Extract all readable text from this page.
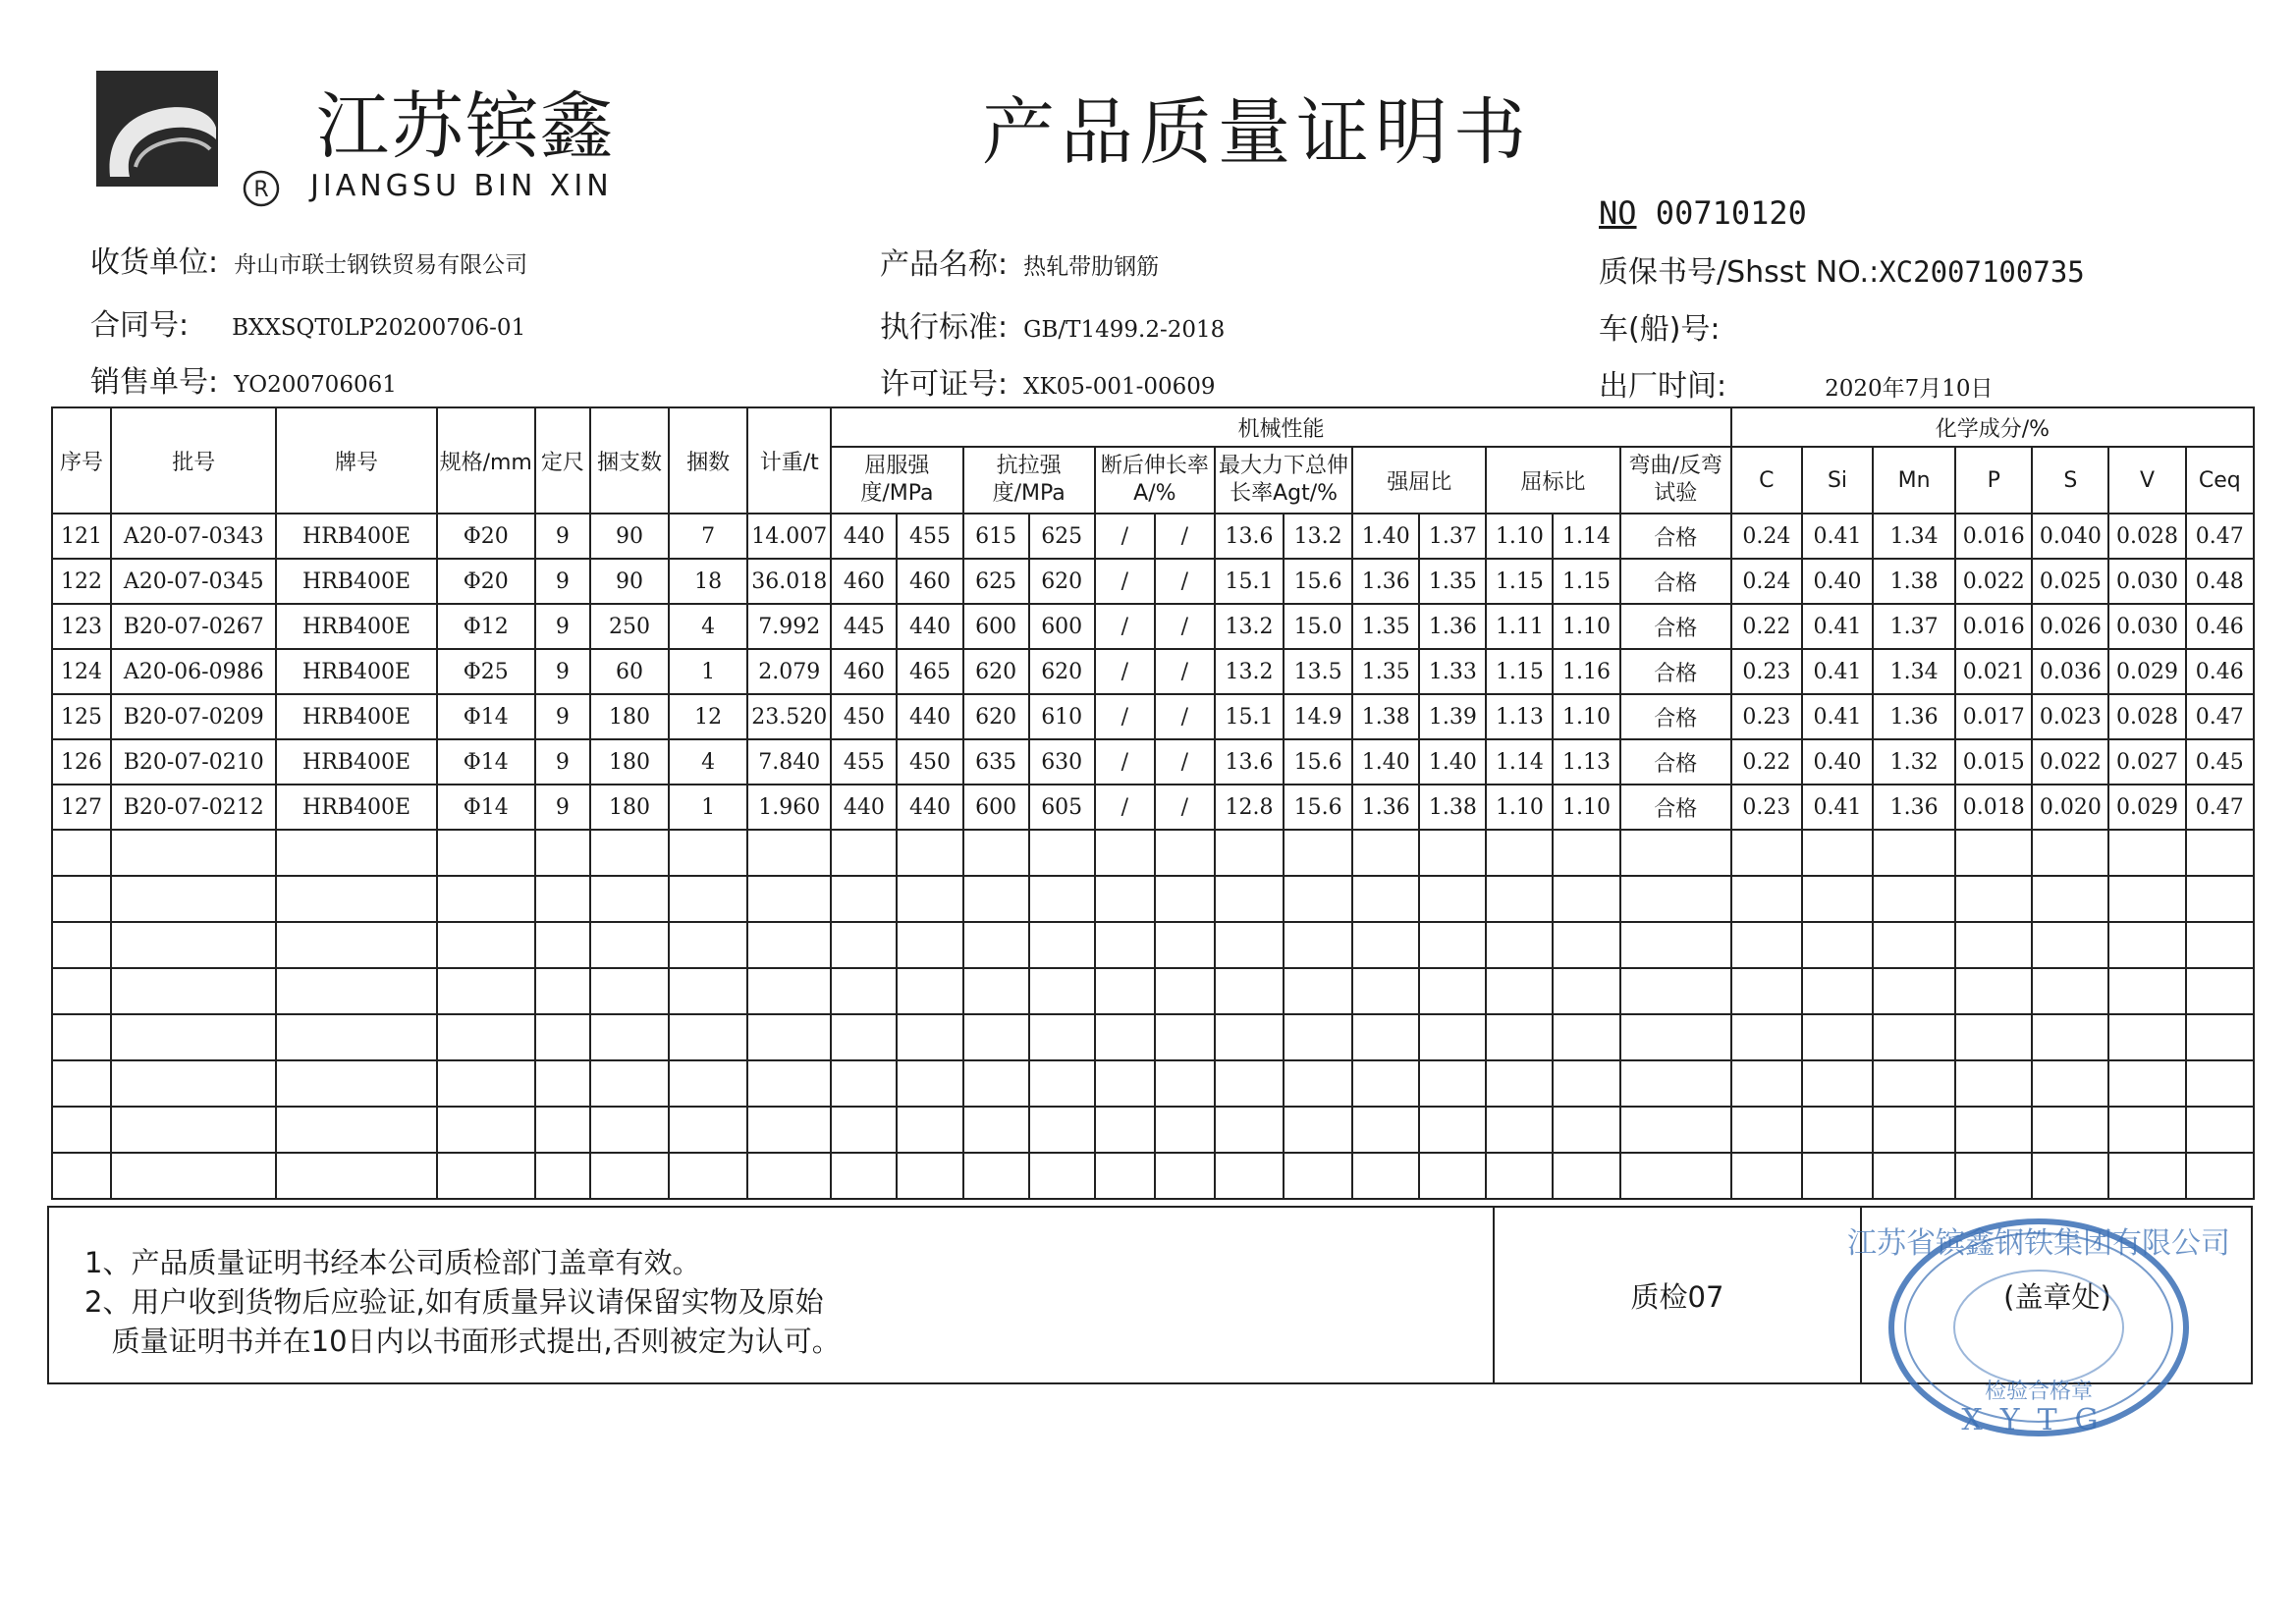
R
江苏镔鑫
JIANGSU BIN XIN
产品质量证明书
NO 00710120
收货单位: 舟山市联士钢铁贸易有限公司
合同号: BXXSQT0LP20200706-01
销售单号: YO200706061
产品名称: 热轧带肋钢筋
执行标准: GB/T1499.2-2018
许可证号: XK05-001-00609
质保书号/Shsst NO.:XC2007100735
车(船)号:
出厂时间:	2020年7月10日
序号	批号	牌号	规格/mm	定尺	捆支数	捆数	计重/t	机械性能													化学成分/%						
								屈服强度/MPa		抗拉强度/MPa		断后伸长率A/%		最大力下总伸长率Agt/%		强屈比		屈标比		弯曲/反弯试验	C	Si	Mn	P	S	V	Ceq
121	A20-07-0343	HRB400E	Φ20	9	90	7	14.007	440	455	615	625	/	/	13.6	13.2	1.40	1.37	1.10	1.14	合格	0.24	0.41	1.34	0.016	0.040	0.028	0.47
122	A20-07-0345	HRB400E	Φ20	9	90	18	36.018	460	460	625	620	/	/	15.1	15.6	1.36	1.35	1.15	1.15	合格	0.24	0.40	1.38	0.022	0.025	0.030	0.48
123	B20-07-0267	HRB400E	Φ12	9	250	4	7.992	445	440	600	600	/	/	13.2	15.0	1.35	1.36	1.11	1.10	合格	0.22	0.41	1.37	0.016	0.026	0.030	0.46
124	A20-06-0986	HRB400E	Φ25	9	60	1	2.079	460	465	620	620	/	/	13.2	13.5	1.35	1.33	1.15	1.16	合格	0.23	0.41	1.34	0.021	0.036	0.029	0.46
125	B20-07-0209	HRB400E	Φ14	9	180	12	23.520	450	440	620	610	/	/	15.1	14.9	1.38	1.39	1.13	1.10	合格	0.23	0.41	1.36	0.017	0.023	0.028	0.47
126	B20-07-0210	HRB400E	Φ14	9	180	4	7.840	455	450	635	630	/	/	13.6	15.6	1.40	1.40	1.14	1.13	合格	0.22	0.40	1.32	0.015	0.022	0.027	0.45
127	B20-07-0212	HRB400E	Φ14	9	180	1	1.960	440	440	600	605	/	/	12.8	15.6	1.36	1.38	1.10	1.10	合格	0.23	0.41	1.36	0.018	0.020	0.029	0.47

1、产品质量证明书经本公司质检部门盖章有效。
2、用户收到货物后应验证,如有质量异议请保留实物及原始
质量证明书并在10日内以书面形式提出,否则被定为认可。
质检07	(盖章处)
江苏省镔鑫钢铁集团有限公司
检验合格章
XYTG
